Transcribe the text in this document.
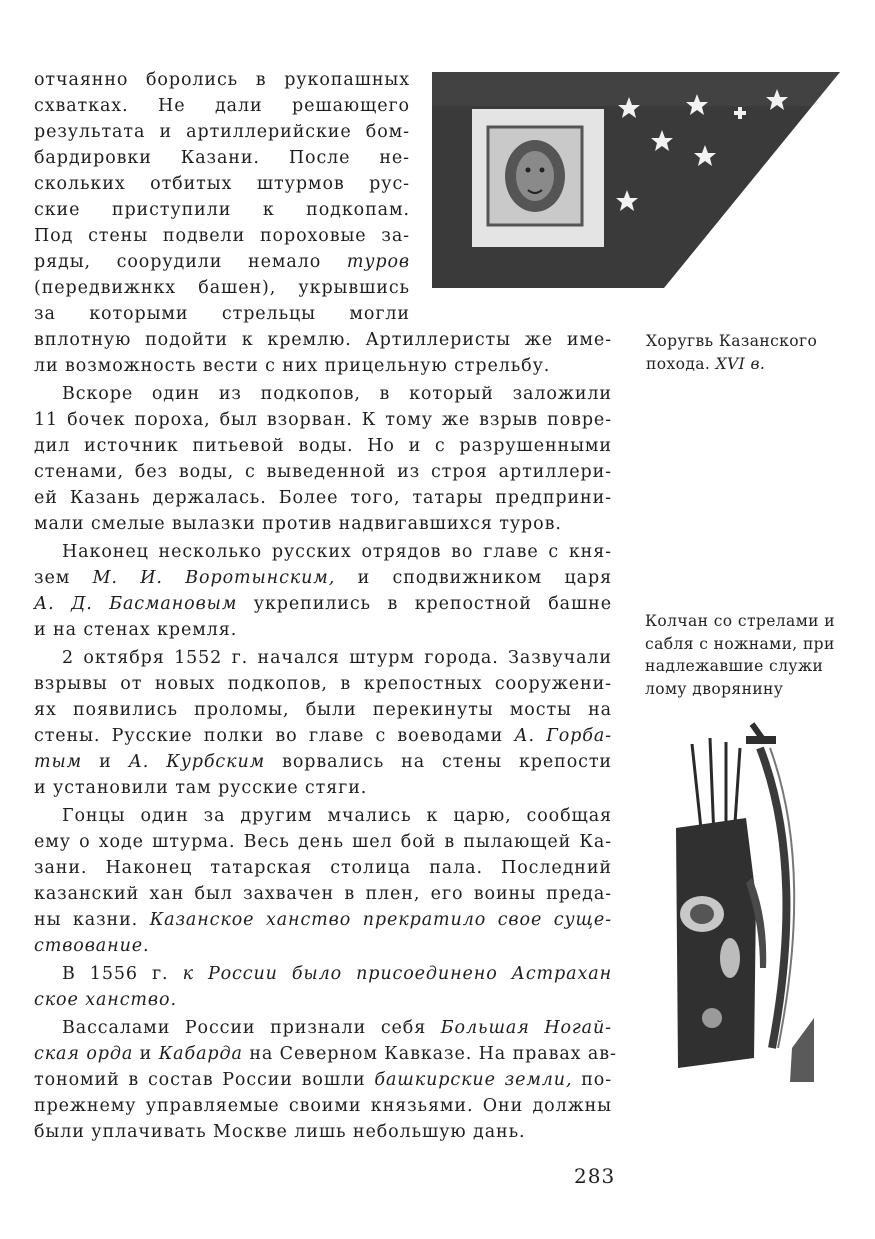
отчаянно боролись в рукопашных
схватках. Не дали решающего
результата и артиллерийские бом-
бардировки Казани. После не-
скольких отбитых штурмов рус-
ские приступили к подкопам.
Под стены подвели пороховые за-
ряды, соорудили немало туров
(передвижнкх башен), укрывшись
за которыми стрельцы могли
вплотную подойти к кремлю. Артиллеристы же име-
ли возможность вести с них прицельную стрельбу.
Вскоре один из подкопов, в который заложили
11 бочек пороха, был взорван. К тому же взрыв повре-
дил источник питьевой воды. Но и с разрушенными
стенами, без воды, с выведенной из строя артиллери-
ей Казань держалась. Более того, татары предприни-
мали смелые вылазки против надвигавшихся туров.
Наконец несколько русских отрядов во главе с кня-
зем М. И. Воротынским, и сподвижником царя
А. Д. Басмановым укрепились в крепостной башне
и на стенах кремля.
2 октября 1552 г. начался штурм города. Зазвучали
взрывы от новых подкопов, в крепостных сооружени-
ях появились проломы, были перекинуты мосты на
стены. Русские полки во главе с воеводами А. Горба-
тым и А. Курбским ворвались на стены крепости
и установили там русские стяги.
Гонцы один за другим мчались к царю, сообщая
ему о ходе штурма. Весь день шел бой в пылающей Ка-
зани. Наконец татарская столица пала. Последний
казанский хан был захвачен в плен, его воины преда-
ны казни. Казанское ханство прекратило свое суще-
ствование.
В 1556 г. к России было присоединено Астрахан
ское ханство.
Вассалами России признали себя Большая Ногай-
ская орда и Кабарда на Северном Кавказе. На правах ав-
тономий в состав России вошли башкирские земли, по-
прежнему управляемые своими князьями. Они должны
были уплачивать Москве лишь небольшую дань.
Хоругвь Казанского
похода. XVI в.
Колчан со стрелами и
сабля с ножнами, при
надлежавшие служи
лому дворянину
283
